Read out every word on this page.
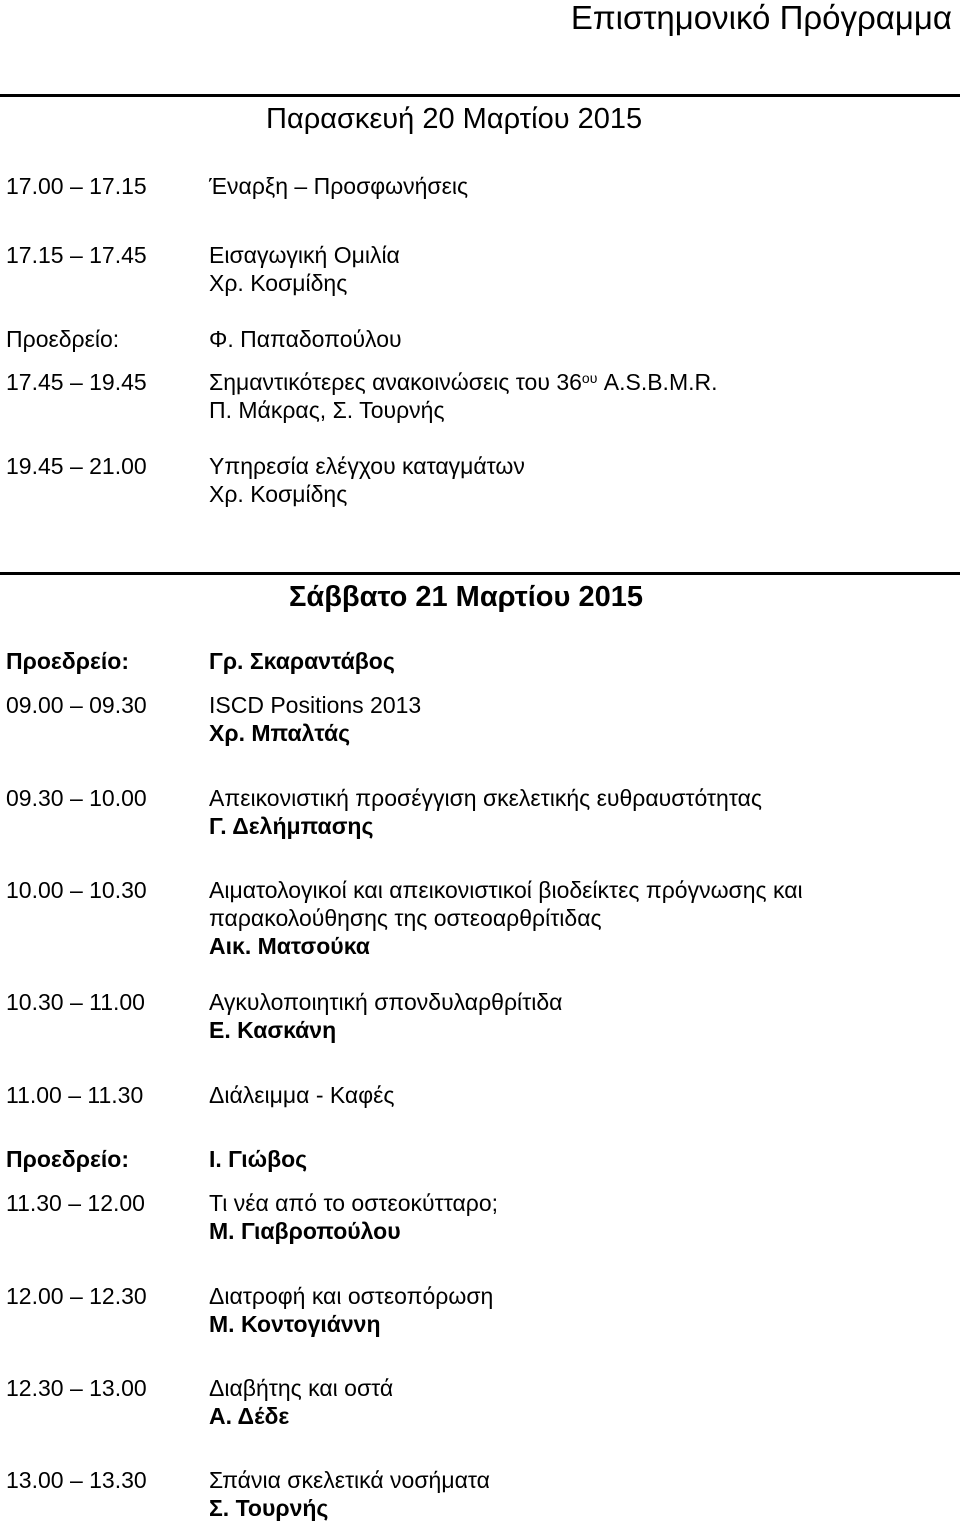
Επιστημονικό Πρόγραμμα
Παρασκευή 20 Μαρτίου 2015
17.00 – 17.15	Έναρξη – Προσφωνήσεις
17.15 – 17.45	Εισαγωγική Ομιλία
Χρ. Κοσμίδης
Προεδρείο:	Φ. Παπαδοπούλου
17.45 – 19.45	Σημαντικότερες ανακοινώσεις του $36^{o\upsilon}$ A.S.B.M.R.
Π. Μάκρας, Σ. Τουρνής
19.45 – 21.00	Υπηρεσία ελέγχου καταγμάτων
Χρ. Κοσμίδης
Σάββατο 21 Μαρτίου 2015
Προεδρείο:	Γρ. Σκαραντάβος
09.00 – 09.30	ISCD Positions 2013
Χρ. Μπαλτάς
09.30 – 10.00	Απεικονιστική προσέγγιση σκελετικής ευθραυστότητας
Γ. Δελήμπασης
10.00 – 10.30	Αιματολογικοί και απεικονιστικοί βιοδείκτες πρόγνωσης και
παρακολούθησης της οστεοαρθρίτιδας
Αικ. Ματσούκα
10.30 – 11.00	Αγκυλοποιητική σπονδυλαρθρίτιδα
Ε. Κασκάνη
11.00 – 11.30	Διάλειμμα - Καφές
Προεδρείο:	Ι. Γιώβος
11.30 – 12.00	Τι νέα από το οστεοκύτταρο;
Μ. Γιαβροπούλου
12.00 – 12.30	Διατροφή και οστεοπόρωση
Μ. Κοντογιάννη
12.30 – 13.00	Διαβήτης και οστά
Α. Δέδε
13.00 – 13.30	Σπάνια σκελετικά νοσήματα
Σ. Τουρνής
